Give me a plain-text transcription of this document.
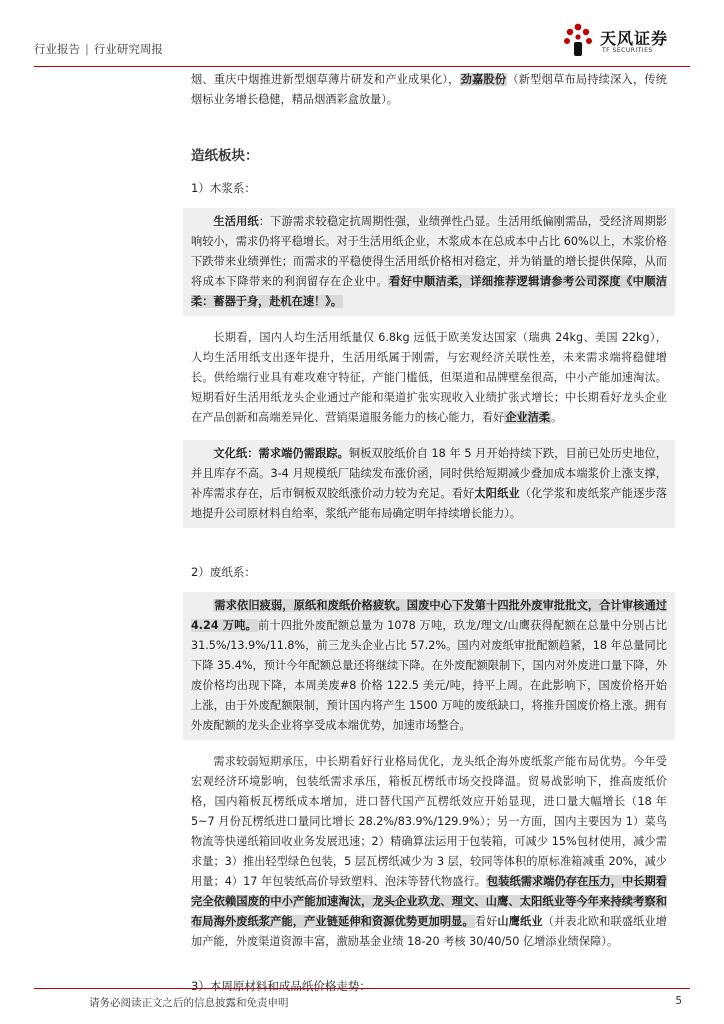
行业报告 | 行业研究周报
天风证券
TF SECURITIES

烟、重庆中烟推进新型烟草薄片研发和产业成果化），劲嘉股份（新型烟草布局持续深入，传统烟标业务增长稳健，精品烟酒彩盒放量）。

造纸板块：

1）木浆系：

生活用纸：下游需求较稳定抗周期性强，业绩弹性凸显。生活用纸偏刚需品，受经济周期影响较小，需求仍将平稳增长。对于生活用纸企业，木浆成本在总成本中占比 60%以上，木浆价格下跌带来业绩弹性；而需求的平稳使得生活用纸价格相对稳定，并为销量的增长提供保障，从而将成本下降带来的利润留存在企业中。看好中顺洁柔，详细推荐逻辑请参考公司深度《中顺洁柔：蓄器于身，赴机在速！》。

长期看，国内人均生活用纸量仅 6.8kg 远低于欧美发达国家（瑞典 24kg、美国 22kg），人均生活用纸支出逐年提升，生活用纸属于刚需，与宏观经济关联性差，未来需求端将稳健增长。供给端行业具有难攻难守特征，产能门槛低，但渠道和品牌壁垒很高，中小产能加速淘汰。短期看好生活用纸龙头企业通过产能和渠道扩张实现收入业绩扩张式增长；中长期看好龙头企业在产品创新和高端差异化、营销渠道服务能力的核心能力，看好企业洁柔。

文化纸：需求端仍需跟踪。铜板双胶纸价自 18 年 5 月开始持续下跌，目前已处历史地位，并且库存不高。3-4 月规模纸厂陆续发布涨价函，同时供给短期减少叠加成本端浆价上涨支撑，补库需求存在，后市铜板双胶纸涨价动力较为充足。看好太阳纸业（化学浆和废纸浆产能逐步落地提升公司原材料自给率，浆纸产能布局确定明年持续增长能力）。

2）废纸系：

需求依旧疲弱，原纸和废纸价格疲软。国废中心下发第十四批外废审批批文，合计审核通过 4.24 万吨。前十四批外废配额总量为 1078 万吨，玖龙/理文/山鹰获得配额在总量中分别占比 31.5%/13.9%/11.8%，前三龙头企业占比 57.2%。国内对废纸审批配额趋紧，18 年总量同比下降 35.4%，预计今年配额总量还将继续下降。在外废配额限制下，国内对外废进口量下降，外废价格均出现下降，本周美废#8 价格 122.5 美元/吨，持平上周。在此影响下，国废价格开始上涨，由于外废配额限制，预计国内将产生 1500 万吨的废纸缺口，将推升国废价格上涨。拥有外废配额的龙头企业将享受成本端优势，加速市场整合。

需求较弱短期承压，中长期看好行业格局优化，龙头纸企海外废纸浆产能布局优势。今年受宏观经济环境影响，包装纸需求承压，箱板瓦楞纸市场交投降温。贸易战影响下，推高废纸价格，国内箱板瓦楞纸成本增加，进口替代国产瓦楞纸效应开始显现，进口量大幅增长（18 年 5~7 月份瓦楞纸进口量同比增长 28.2%/83.9%/129.9%）；另一方面，国内主要因为 1）菜鸟物流等快递纸箱回收业务发展迅速；2）精确算法运用于包装箱，可减少 15%包材使用，减少需求量；3）推出轻型绿色包装，5 层瓦楞纸减少为 3 层，较同等体积的原标准箱减重 20%，减少用量；4）17 年包装纸高价导致塑料、泡沫等替代物盛行。包装纸需求端仍存在压力，中长期看完全依赖国废的中小产能加速淘汰，龙头企业玖龙、理文、山鹰、太阳纸业等今年来持续考察和布局海外废纸浆产能，产业链延伸和资源优势更加明显。看好山鹰纸业（并表北欧和联盛纸业增加产能，外废渠道资源丰富，激励基金业绩 18-20 考核 30/40/50 亿增添业绩保障）。

3）本周原材料和成品纸价格走势：

请务必阅读正文之后的信息披露和免责申明	5
